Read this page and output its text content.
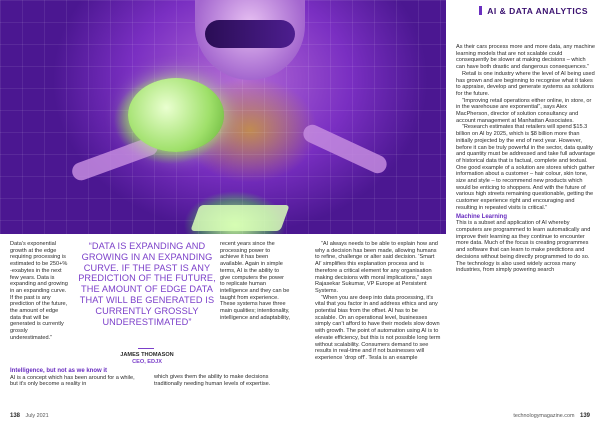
AI & DATA ANALYTICS

Data’s exponential growth at the edge requiring processing is estimated to be 250+% -exabytes in the next few years. Data is expanding and growing in an expanding curve. If the past is any prediction of the future, the amount of edge data that will be generated is currently grossly underestimated.”

Intelligence, but not as we know it

AI is a concept which has been around for a while, but it’s only become a reality in

“DATA IS EXPANDING AND GROWING IN AN EXPANDING CURVE. IF THE PAST IS ANY PREDICTION OF THE FUTURE, THE AMOUNT OF EDGE DATA THAT WILL BE GENERATED IS CURRENTLY GROSSLY UNDERESTIMATED”
JAMES THOMASON
CEO, EDJX

recent years since the processing power to achieve it has been available. Again in simple terms, AI is the ability to give computers the power to replicate human intelligence and they can be taught from experience. These systems have three main qualities; intentionality, intelligence and adaptability,

which gives them the ability to make decisions traditionally needing human levels of expertise.

“AI always needs to be able to explain how and why a decision has been made, allowing humans to refine, challenge or alter said decision. ‘Smart AI’ simplifies this explanation process and is therefore a critical element for any organisation making decisions with moral implications,” says Rajasekar Sukumar, VP Europe at Persistent Systems.

“When you are deep into data processing, it’s vital that you factor in and address ethics and any potential bias from the offset. AI has to be scalable. On an operational level, businesses simply can’t afford to have their models slow down with growth. The point of automation using AI is to elevate efficiency, but this is not possible long term without scalability. Consumers demand to see results in real-time and if not businesses will experience ‘drop off’. Tesla is an example

As their cars process more and more data, any machine learning models that are not scalable could consequently be slower at making decisions – which can have both drastic and dangerous consequences.”

Retail is one industry where the level of AI being used has grown and are beginning to recognise what it takes to appraise, develop and generate systems as solutions for the future.

“Improving retail operations either online, in store, or in the warehouse are exponential”, says Alex MacPherson, director of solution consultancy and account management at Manhattan Associates.

“Research estimates that retailers will spend $15.3 billion on AI by 2025, which is $8 billion more than initially projected by the end of next year. However, before it can be truly powerful in the sector, data quality and quantity must be addressed and take full advantage of historical data that is factual, complete and textual. One good example of a solution are stores which gather information about a customer – hair colour, skin tone, size and style – to recommend new products which would be enticing to shoppers. And with the future of various high streets remaining questionable, getting the customer experience right and encouraging and resulting in repeated visits is critical.”

Machine Learning

This is a subset and application of AI whereby computers are programmed to learn automatically and improve their learning as they continue to encounter more data. Much of the focus is creating programmes and software that can learn to make predictions and decisions without being directly programmed to do so. The technology is also used widely across many industries, from simply powering search

138 July 2021	technologymagazine.com 139
